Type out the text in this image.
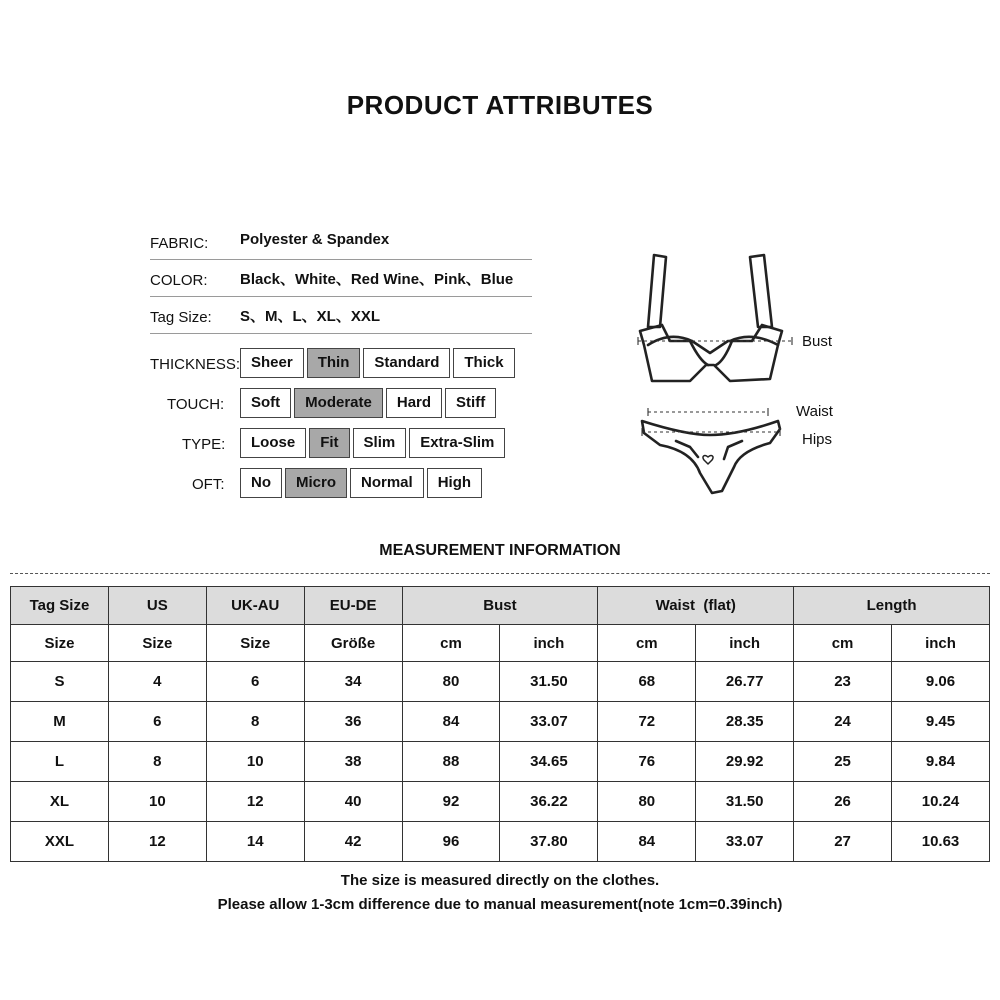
PRODUCT ATTRIBUTES
FABRIC: Polyester & Spandex
COLOR: Black、White、Red Wine、Pink、Blue
Tag Size: S、M、L、XL、XXL
THICKNESS: Sheer	Thin	Standard	Thick
TOUCH:	Soft	Moderate	Hard	Stiff
TYPE:	Loose	Fit	Slim	Extra-Slim
OFT:	No	Micro	Normal	High
Bust
Waist
Hips
MEASUREMENT INFORMATION
Tag Size	US	UK-AU	EU-DE	Bust		Waist  (flat)		Length	
Size	Size	Size	Größe	cm	inch	cm	inch	cm	inch
S	4	6	34	80	31.50	68	26.77	23	9.06
M	6	8	36	84	33.07	72	28.35	24	9.45
L	8	10	38	88	34.65	76	29.92	25	9.84
XL	10	12	40	92	36.22	80	31.50	26	10.24
XXL	12	14	42	96	37.80	84	33.07	27	10.63
The size is measured directly on the clothes.
Please allow 1-3cm difference due to manual measurement(note 1cm=0.39inch)
